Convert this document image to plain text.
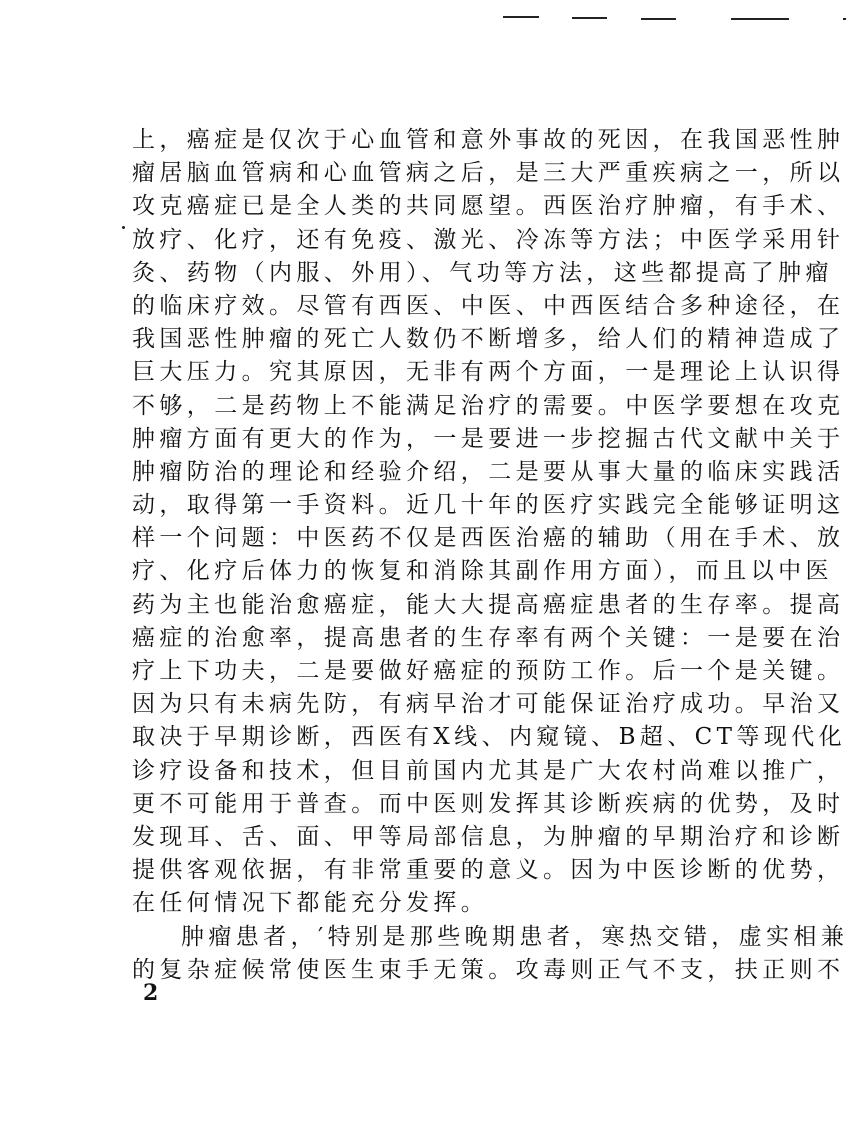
上，癌症是仅次于心血管和意外事故的死因，在我国恶性肿
瘤居脑血管病和心血管病之后，是三大严重疾病之一，所以
攻克癌症已是全人类的共同愿望。西医治疗肿瘤，有手术、
放疗、化疗，还有免疫、激光、冷冻等方法；中医学采用针
灸、药物（内服、外用）、气功等方法，这些都提高了肿瘤
的临床疗效。尽管有西医、中医、中西医结合多种途径，在
我国恶性肿瘤的死亡人数仍不断增多，给人们的精神造成了
巨大压力。究其原因，无非有两个方面，一是理论上认识得
不够，二是药物上不能满足治疗的需要。中医学要想在攻克
肿瘤方面有更大的作为，一是要进一步挖掘古代文献中关于
肿瘤防治的理论和经验介绍，二是要从事大量的临床实践活
动，取得第一手资料。近几十年的医疗实践完全能够证明这
样一个问题：中医药不仅是西医治癌的辅助（用在手术、放
疗、化疗后体力的恢复和消除其副作用方面），而且以中医
药为主也能治愈癌症，能大大提高癌症患者的生存率。提高
癌症的治愈率，提高患者的生存率有两个关键：一是要在治
疗上下功夫，二是要做好癌症的预防工作。后一个是关键。
因为只有未病先防，有病早治才可能保证治疗成功。早治又
取决于早期诊断，西医有X线、内窥镜、B超、CT等现代化
诊疗设备和技术，但目前国内尤其是广大农村尚难以推广，
更不可能用于普查。而中医则发挥其诊断疾病的优势，及时
发现耳、舌、面、甲等局部信息，为肿瘤的早期治疗和诊断
提供客观依据，有非常重要的意义。因为中医诊断的优势，
在任何情况下都能充分发挥。
肿瘤患者，′特别是那些晚期患者，寒热交错，虚实相兼
的复杂症候常使医生束手无策。攻毒则正气不支，扶正则不
2
